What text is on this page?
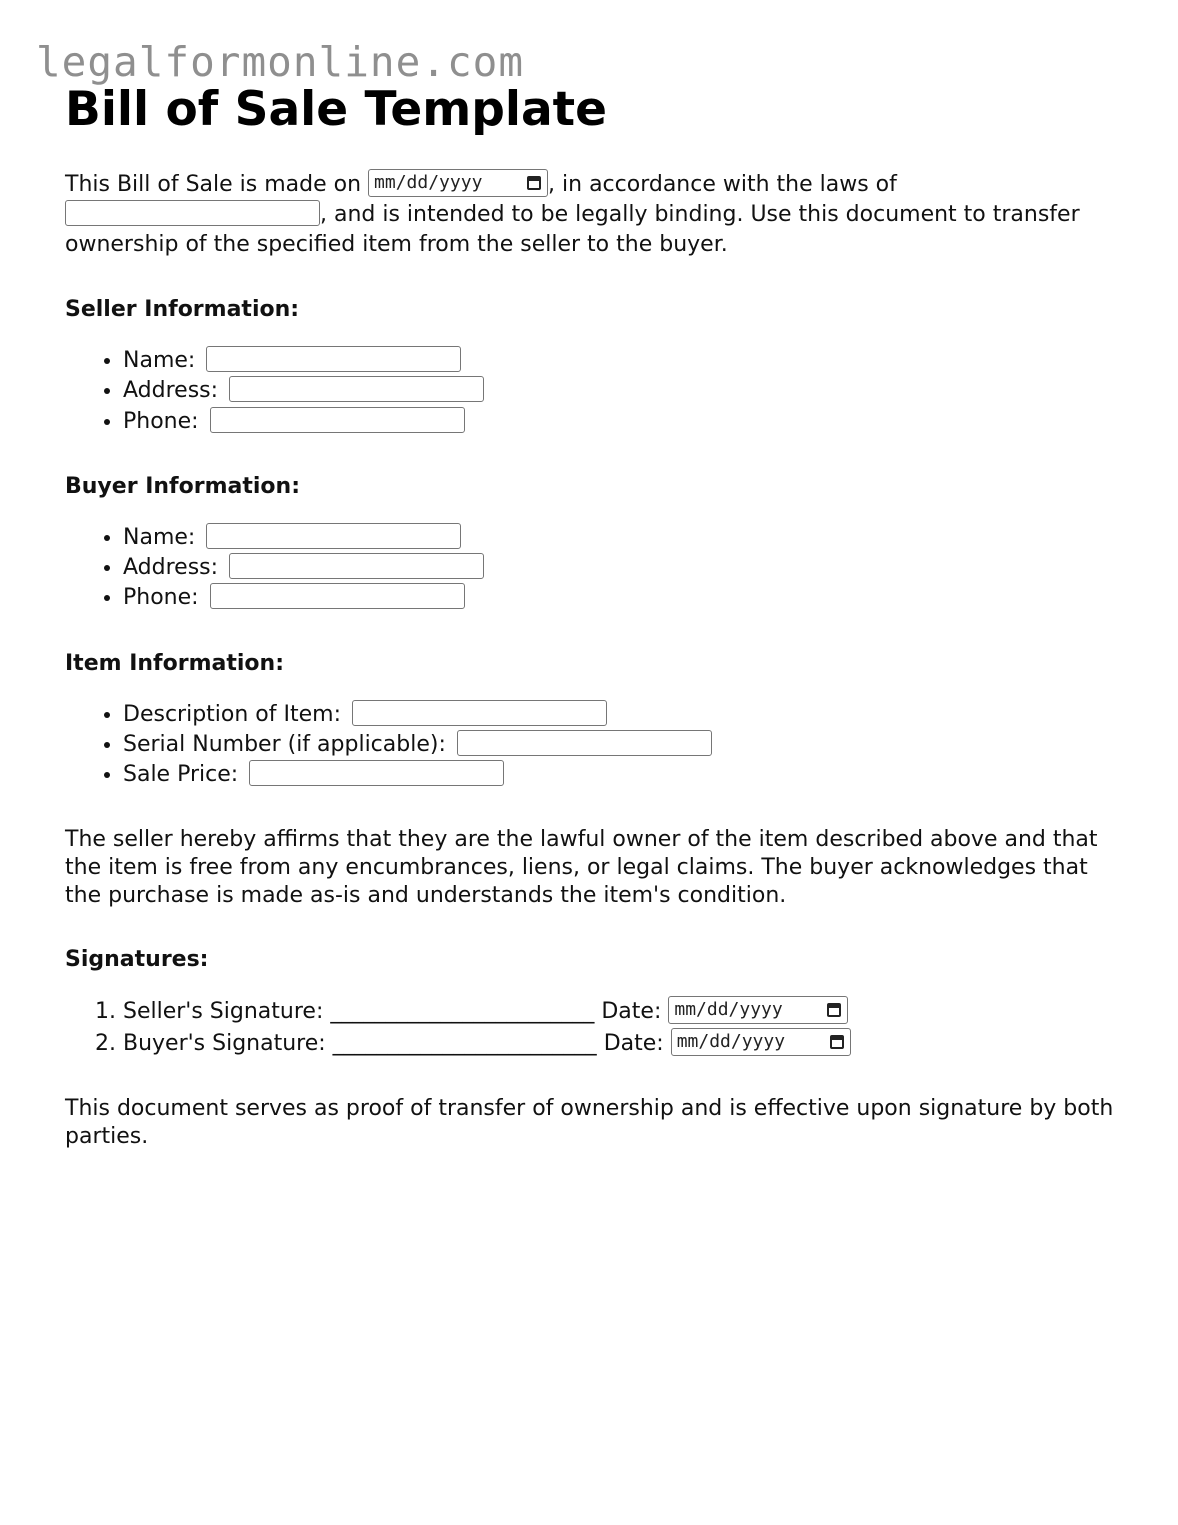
legalformonline.com
Bill of Sale Template

This Bill of Sale is made on mm/dd/yyyy	, in accordance with the laws of
, and is intended to be legally binding. Use this document to transfer ownership of the specified item from the seller to the buyer.

Seller Information:

• Name:
• Address:
• Phone:

Buyer Information:

• Name:
• Address:
• Phone:

Item Information:

• Description of Item:
• Serial Number (if applicable):
• Sale Price:

The seller hereby affirms that they are the lawful owner of the item described above and that the item is free from any encumbrances, liens, or legal claims. The buyer acknowledges that the purchase is made as-is and understands the item's condition.

Signatures:

1. Seller's Signature: ________________________ Date: mm/dd/yyyy
2. Buyer's Signature: ________________________ Date: mm/dd/yyyy

This document serves as proof of transfer of ownership and is effective upon signature by both parties.
